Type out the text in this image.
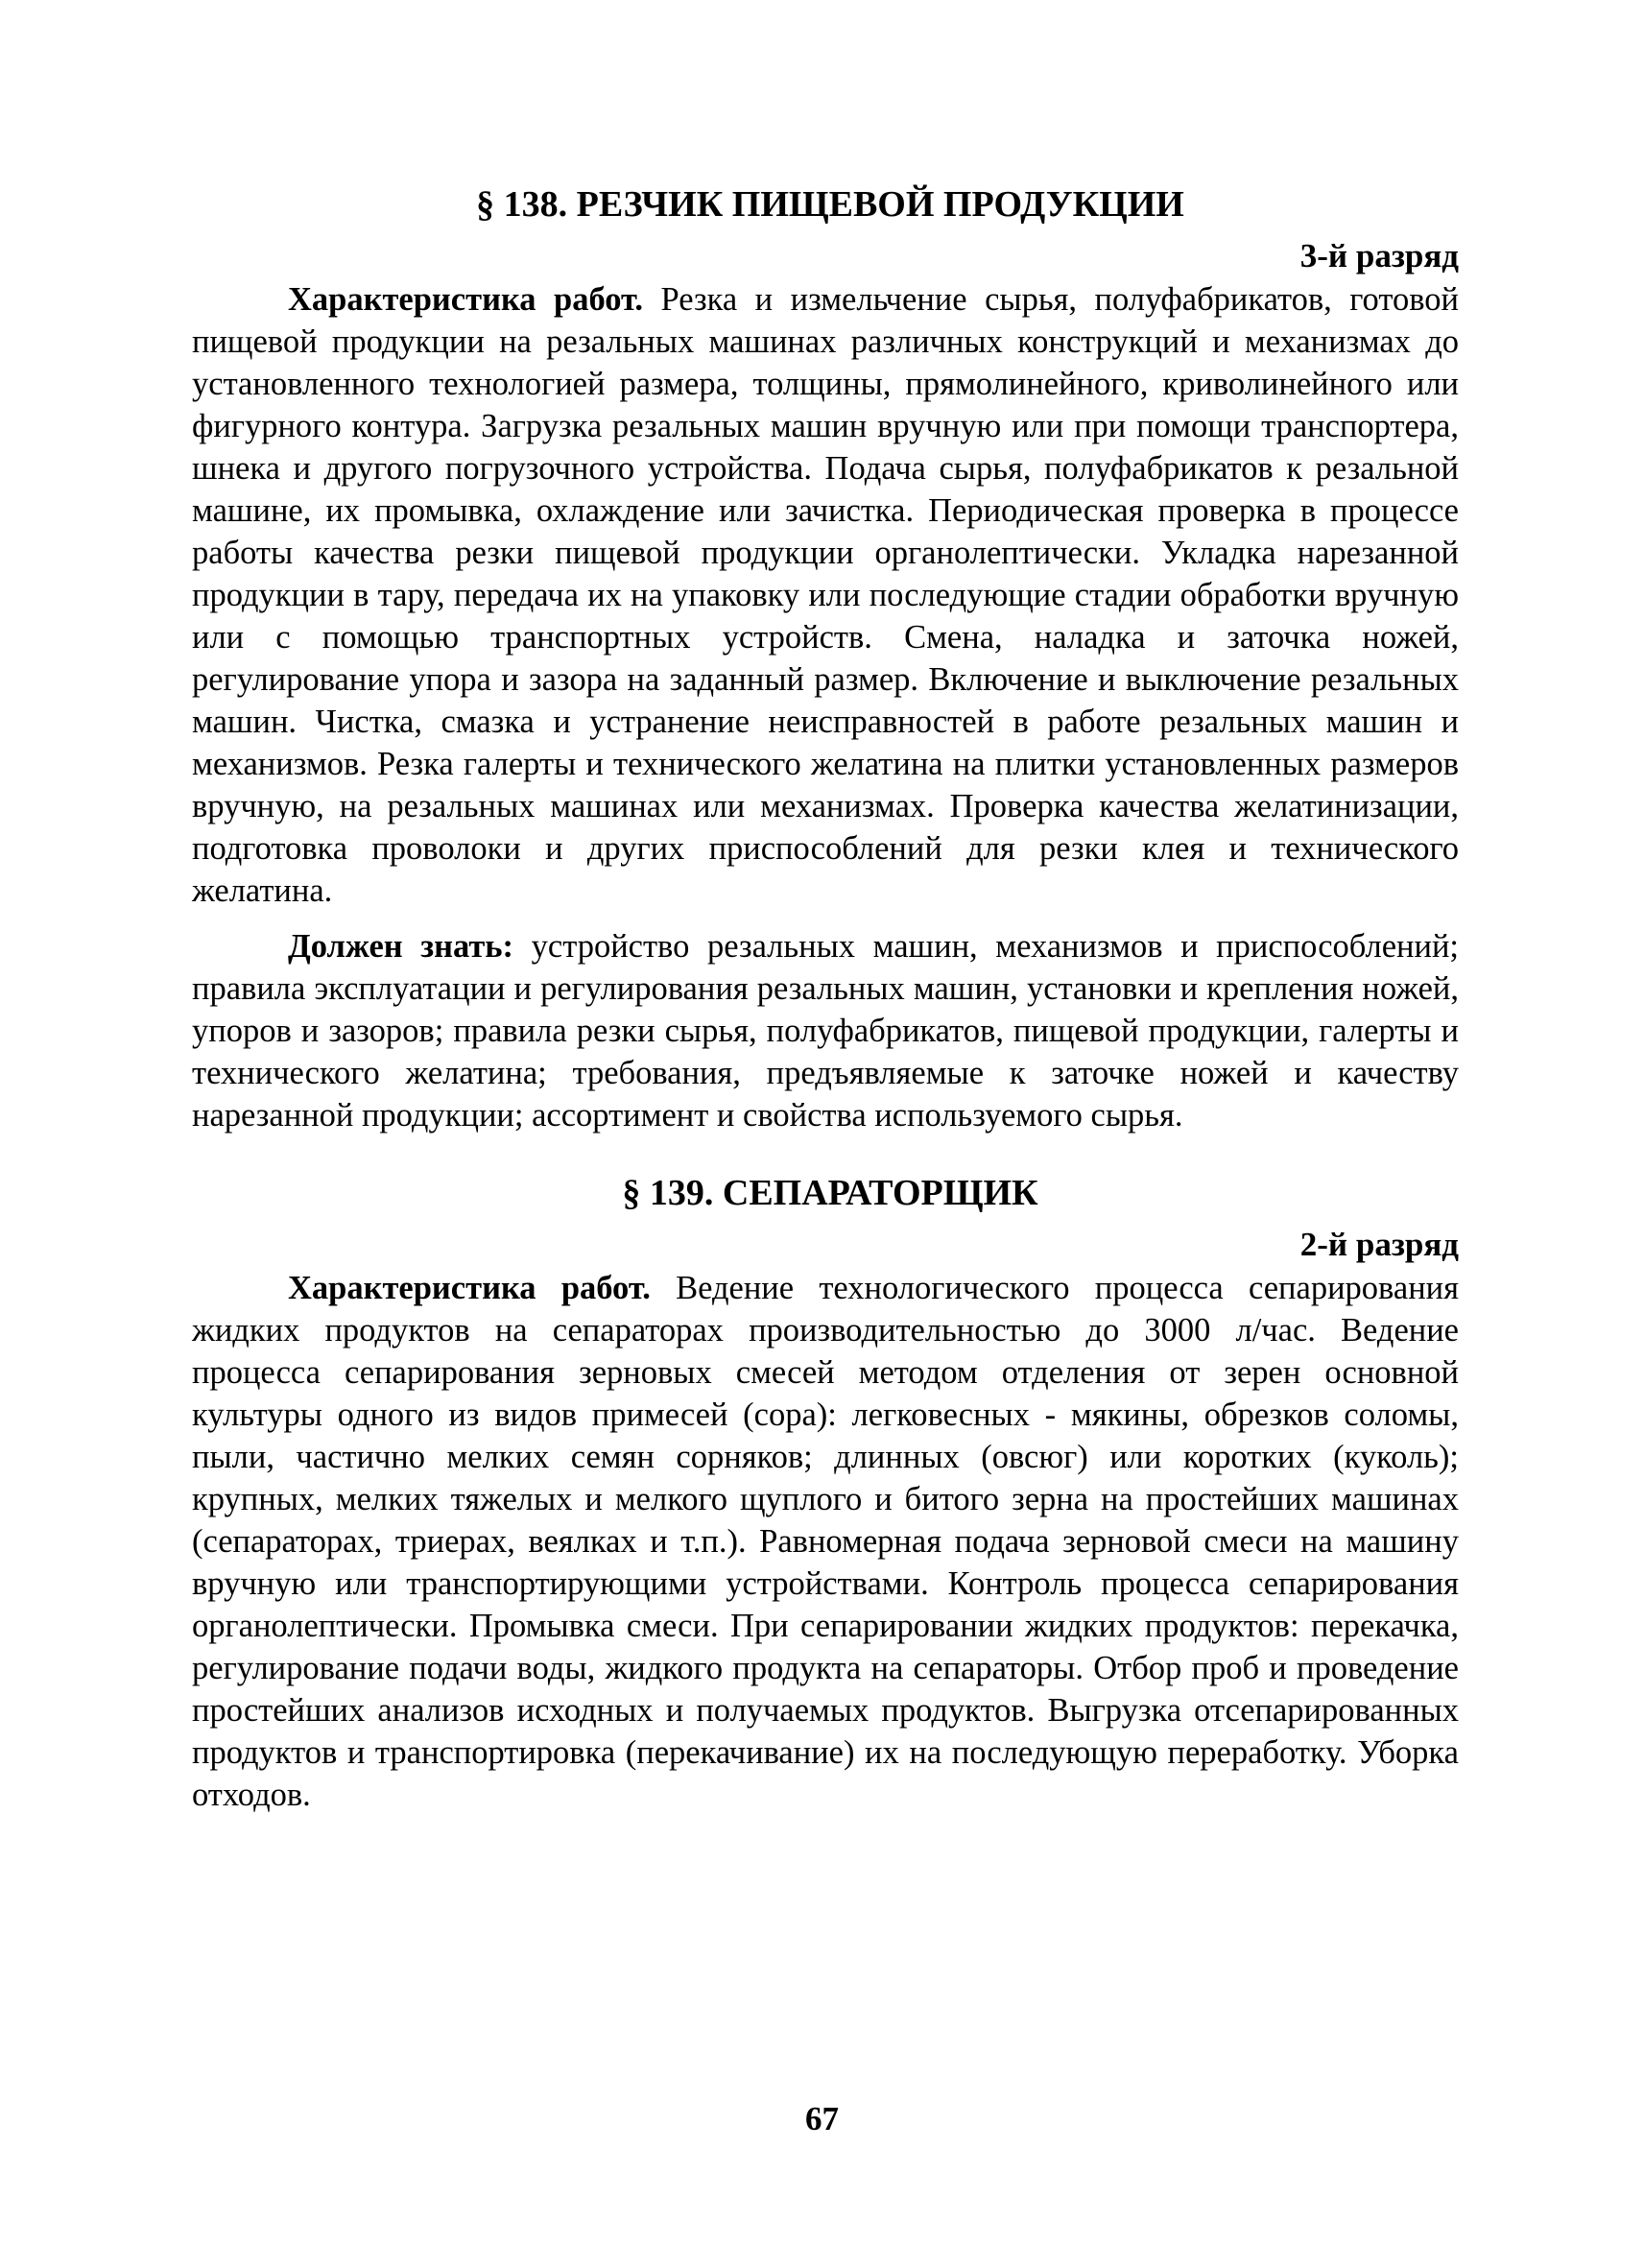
§ 138. РЕЗЧИК ПИЩЕВОЙ ПРОДУКЦИИ
3-й разряд

Характеристика работ. Резка и измельчение сырья, полуфабрикатов, готовой пищевой продукции на резальных машинах различных конструкций и механизмах до установленного технологией размера, толщины, прямолинейного, криволинейного или фигурного контура. Загрузка резальных машин вручную или при помощи транспортера, шнека и другого погрузочного устройства. Подача сырья, полуфабрикатов к резальной машине, их промывка, охлаждение или зачистка. Периодическая проверка в процессе работы качества резки пищевой продукции органолептически. Укладка нарезанной продукции в тару, передача их на упаковку или последующие стадии обработки вручную или с помощью транспортных устройств. Смена, наладка и заточка ножей, регулирование упора и зазора на заданный размер. Включение и выключение резальных машин. Чистка, смазка и устранение неисправностей в работе резальных машин и механизмов. Резка галерты и технического желатина на плитки установленных размеров вручную, на резальных машинах или механизмах. Проверка качества желатинизации, подготовка проволоки и других приспособлений для резки клея и технического желатина.

Должен знать: устройство резальных машин, механизмов и приспособлений; правила эксплуатации и регулирования резальных машин, установки и крепления ножей, упоров и зазоров; правила резки сырья, полуфабрикатов, пищевой продукции, галерты и технического желатина; требования, предъявляемые к заточке ножей и качеству нарезанной продукции; ассортимент и свойства используемого сырья.

§ 139. СЕПАРАТОРЩИК
2-й разряд

Характеристика работ. Ведение технологического процесса сепарирования жидких продуктов на сепараторах производительностью до 3000 л/час. Ведение процесса сепарирования зерновых смесей методом отделения от зерен основной культуры одного из видов примесей (сора): легковесных - мякины, обрезков соломы, пыли, частично мелких семян сорняков; длинных (овсюг) или коротких (куколь); крупных, мелких тяжелых и мелкого щуплого и битого зерна на простейших машинах (сепараторах, триерах, веялках и т.п.). Равномерная подача зерновой смеси на машину вручную или транспортирующими устройствами. Контроль процесса сепарирования органолептически. Промывка смеси. При сепарировании жидких продуктов: перекачка, регулирование подачи воды, жидкого продукта на сепараторы. Отбор проб и проведение простейших анализов исходных и получаемых продуктов. Выгрузка отсепарированных продуктов и транспортировка (перекачивание) их на последующую переработку. Уборка отходов.

67
